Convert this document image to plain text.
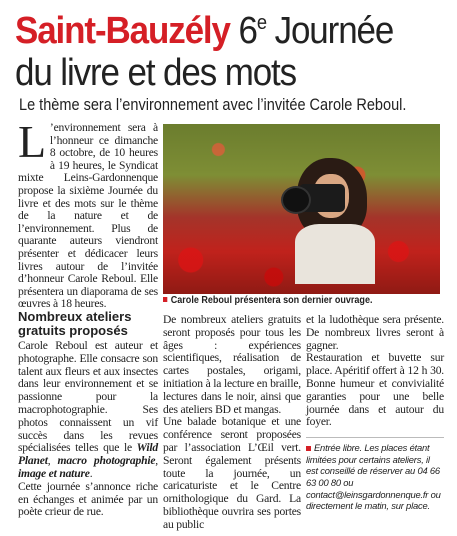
Saint-Bauzély 6e Journée
du livre et des mots
Le thème sera l’environnement avec l’invitée Carole Reboul.
L ’environnement sera à l’honneur ce dimanche 8 octobre, de 10 heures à 19 heures, le Syndicat mixte Leins-Gardonnenque propose la sixième Journée du livre et des mots sur le thème de la nature et de l’environnement. Plus de quarante auteurs viendront présenter et dédicacer leurs livres autour de l’invitée d’honneur Carole Reboul. Elle présentera un diaporama de ses œuvres à 18 heures.	Carole Reboul présentera son dernier ouvrage.
Nombreux ateliers gratuits proposés

Carole Reboul est auteur et photographe. Elle consacre son talent aux fleurs et aux insectes dans leur environnement et se passionne pour la macrophotographie. Ses photos connaissent un vif succès dans les revues spécialisées telles que le Wild Planet, macro photographie, image et nature.

Cette journée s’annonce riche en échanges et animée par un poète crieur de rue.

De nombreux ateliers gratuits seront proposés pour tous les âges : expériences scientifiques, réalisation de cartes postales, origami, initiation à la lecture en braille, lectures dans le noir, ainsi que des ateliers BD et mangas.

Une balade botanique et une conférence seront proposées par l’association L’Œil vert. Seront également présents toute la journée, un caricaturiste et le Centre ornithologique du Gard. La bibliothèque ouvrira ses portes au public

et la ludothèque sera présente. De nombreux livres seront à gagner.

Restauration et buvette sur place. Apéritif offert à 12 h 30. Bonne humeur et convivialité garanties pour une belle journée dans et autour du foyer.

Entrée libre. Les places étant limitées pour certains ateliers, il est conseillé de réserver au 04 66 63 00 80 ou contact@leinsgardonnenque.fr ou directement le matin, sur place.
